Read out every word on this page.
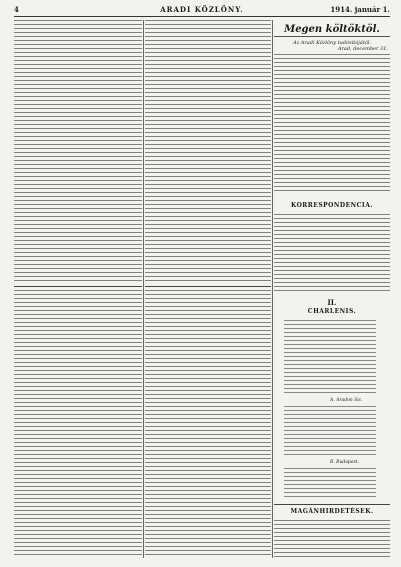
4	ARADI KÖZLÖNY.	1914. január 1.
Megen költöktöl.
Az Aradi Közlöny tudósítójától.
Arad, december 31.
KORRESPONDENCIA.
II.
CHARLENIS.
A. Aradon Sic.
B. Budapest.
MAGÁNHIRDETÉSEK.
